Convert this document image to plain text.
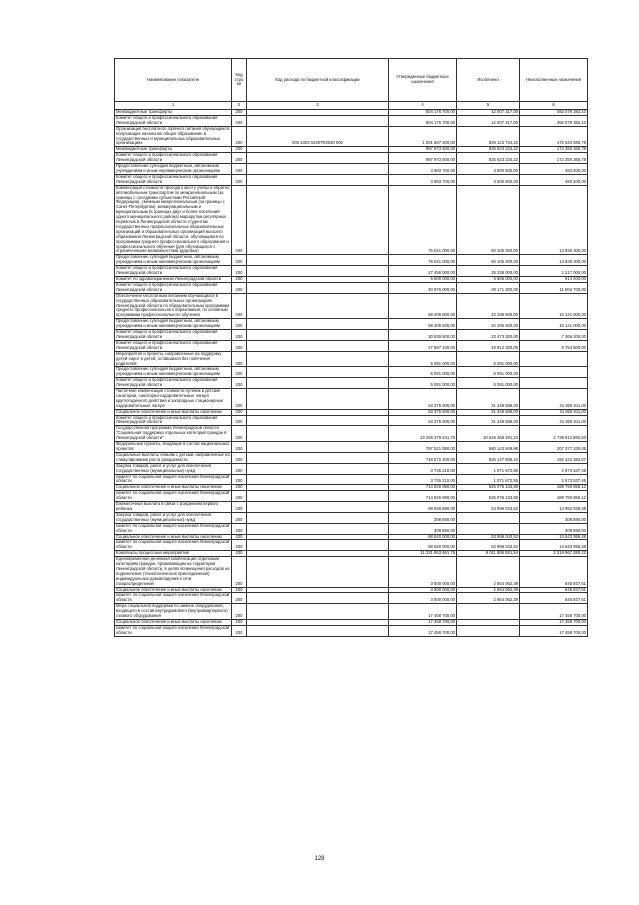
Наименование показателя	Код стро ки	Код расхода по бюджетной классификации	Утвержденные бюджетные назначения	Исполнено	Неисполненные назначения
1	2	3	4	5	6
Межбюджетные трансферты	200		504 176 700,00	12 007 317,00	492 079 382,10
Комитет общего и профессионального образования Ленинградской области	200		504 176 700,00	12 007 317,00	492 079 382,10
Организация бесплатного горячего питания обучающихся, получающих начальное общее образование в государственных и муниципальных образовательных организациях	200	000 1003 02407R3040 000	1 001 667 300,00	829 123 734,22	172 543 565,78
Межбюджетные трансферты	200		997 973 600,00	825 623 234,22	172 350 365,78
Комитет общего и профессионального образования Ленинградской области	200		997 973 600,00	825 623 234,22	172 350 365,78
Предоставление субсидий бюджетным, автономным учреждениям и иным некоммерческим организациям	200		3 983 700,00	3 500 500,00	483 200,00
Комитет общего и профессионального образования Ленинградской области	200		3 983 700,00	3 500 500,00	483 200,00
Компенсация стоимости проезда к месту учебы и обратно автомобильным транспортом по межрегиональным (за границы с соседними субъектами Российской Федерации), смежным межрегиональным (за границы с Санкт-Петербургом), межмуниципальным и муниципальным (в границах двух и более поселений одного муниципального района) маршрутам регулярных перевозок в Ленинградской области студентам государственных профессиональных образовательных организаций и образовательных организаций высшего образования Ленинградской области, обучающимся по программам среднего профессионального образования и профессионального обучения (для обучающихся с ограниченными возможностями здоровья)	200		75 041 000,00	60 105 300,00	14 936 300,00
Предоставление субсидий бюджетным, автономным учреждениям и иным некоммерческим организациям	200		75 041 000,00	60 105 300,00	14 936 300,00
Комитет общего и профессионального образования Ленинградской области	200		27 456 000,00	25 239 000,00	2 217 000,00
Комитет по здравоохранению Ленинградской области	200		6 600 000,00	5 686 000,00	914 000,00
Комитет общего и профессионального образования Ленинградской области	200		40 976 000,00	29 171 300,00	11 804 700,00
Обеспечение бесплатным питанием обучающихся в государственных образовательных организациях Ленинградской области по образовательным программам среднего профессионального образования, по основным программам профессионального обучения	200		58 406 600,00	42 285 600,00	16 121 000,00
Предоставление субсидий бюджетным, автономным учреждениям и иным некоммерческим организациям	200		58 406 600,00	42 285 600,00	16 121 000,00
Комитет общего и профессионального образования Ленинградской области	200		30 839 500,00	23 473 300,00	7 366 200,00
Комитет общего и профессионального образования Ленинградской области	200		27 567 100,00	18 812 300,00	8 754 800,00
Мероприятия и проекты, направленные на поддержку детей-сирот и детей, оставшихся без попечения родителей	200		5 091 000,00	5 091 000,00	
Предоставление субсидий бюджетным, автономным учреждениям и иным некоммерческим организациям	200		5 091 000,00	5 091 000,00	
Комитет общего и профессионального образования Ленинградской области	200		5 091 000,00	5 091 000,00	
Частичная компенсация стоимости путевок в детские санатории, санаторно-оздоровительные лагеря круглогодичного действия и загородные стационарные оздоровительные лагеря	200		63 375 500,00	31 449 589,00	31 925 911,00
Социальное обеспечение и иные выплаты населению	200		63 375 500,00	31 449 589,00	31 925 911,00
Комитет общего и профессионального образования Ленинградской области	200		63 375 500,00	31 449 589,00	31 925 911,00
Государственная программа Ленинградской области "Социальная поддержка отдельных категорий граждан в Ленинградской области"	200		13 259 379 341,76	10 519 466 481,23	2 739 912 860,53
Федеральные проекты, входящие в состав национальных проектов	200		787 521 080,00	580 143 849,96	207 377 230,05
Социальные выплаты семьям с детьми, направленные на стимулирование роста рождаемости	200		718 572 200,00	526 147 806,43	192 424 393,57
Закупка товаров, работ и услуг для обеспечения государственных (муниципальных) нужд	200		3 745 210,00	1 071 672,55	2 673 537,45
комитет по социальной защите населения Ленинградской области	200		3 745 210,00	1 071 672,55	2 673 537,45
Социальное обеспечение и иные выплаты населению	200		714 826 990,00	525 076 133,88	189 750 856,12
комитет по социальной защите населения Ленинградской области	200		714 826 990,00	525 076 133,88	189 750 856,12
Ежемесячная выплата в связи с рождением первого ребенка	200		68 948 880,00	53 996 043,52	14 952 836,48
Закупка товаров, работ и услуг для обеспечения государственных (муниципальных) нужд	200		308 880,00		308 880,00
комитет по социальной защите населения Ленинградской области	200		308 880,00		308 880,00
Социальное обеспечение и иные выплаты населению	200		68 640 000,00	53 996 043,52	14 643 956,48
комитет по социальной защите населения Ленинградской области	200		68 640 000,00	53 996 043,52	14 643 956,48
Комплексы процессных мероприятий	200		11 331 853 961,76	9 011 886 581,54	2 319 967 380,22
Единовременная денежная компенсация отдельным категориям граждан, проживающим на территории Ленинградской области, в целях возмещения расходов на подключение (технологическое присоединение) индивидуальных домовладений к сети газораспределения	200		3 500 000,00	2 654 062,39	845 937,61
Социальное обеспечение и иные выплаты населению	200		3 500 000,00	2 654 062,39	845 937,61
комитет по социальной защите населения Ленинградской области	200		3 500 000,00	2 654 062,39	845 937,61
Мера социальной поддержки по замене оборудования, входящего в состав внутридомового (внутриквартирного) газового оборудования	200		17 458 700,00		17 458 700,00
Социальное обеспечение и иные выплаты населению	200		17 458 700,00		17 458 700,00
комитет по социальной защите населения Ленинградской области	200		17 458 700,00		17 458 700,00
128
